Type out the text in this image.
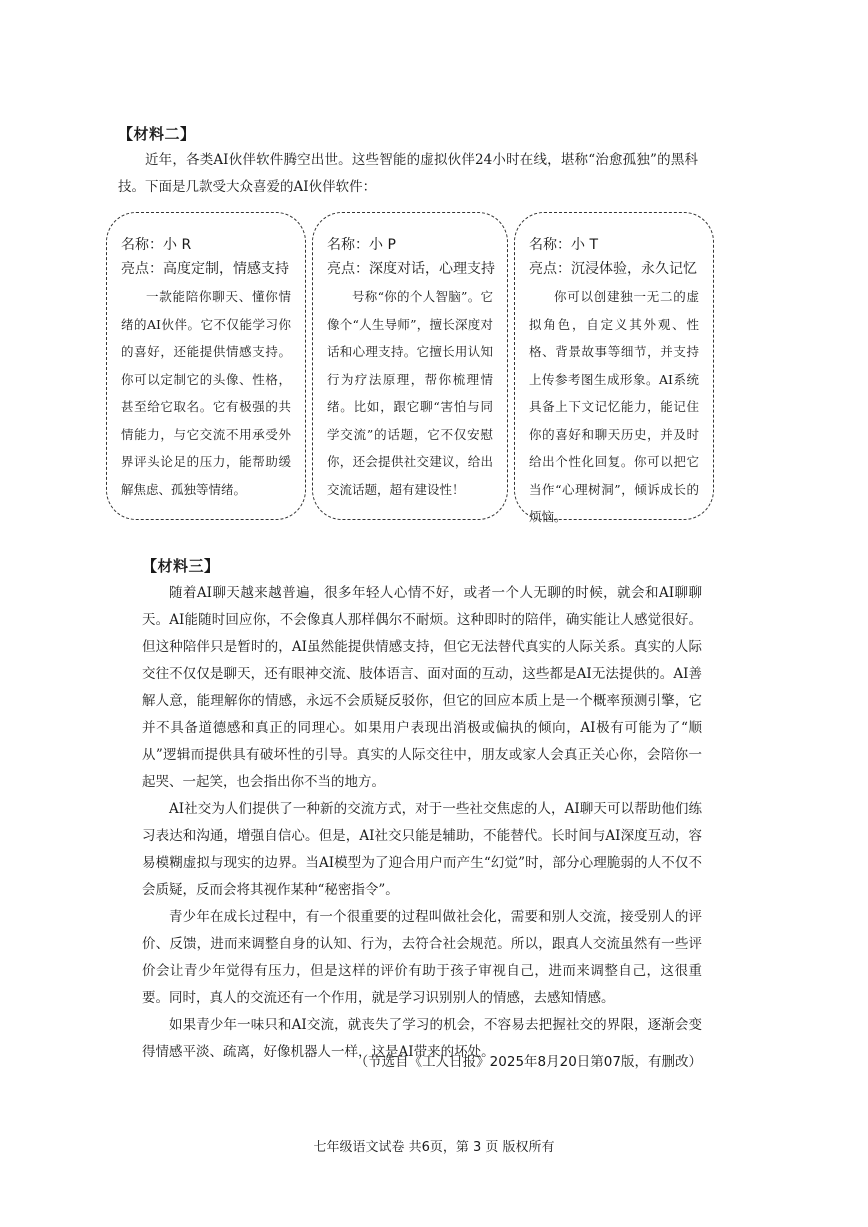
【材料二】
近年，各类AI伙伴软件腾空出世。这些智能的虚拟伙伴24小时在线，堪称“治愈孤独”的黑科技。下面是几款受大众喜爱的AI伙伴软件：
名称：小 R
亮点：高度定制，情感支持
一款能陪你聊天、懂你情绪的AI伙伴。它不仅能学习你的喜好，还能提供情感支持。你可以定制它的头像、性格，甚至给它取名。它有极强的共情能力，与它交流不用承受外界评头论足的压力，能帮助缓解焦虑、孤独等情绪。
名称：小 P
亮点：深度对话，心理支持
号称“你的个人智脑”。它像个“人生导师”，擅长深度对话和心理支持。它擅长用认知行为疗法原理，帮你梳理情绪。比如，跟它聊“害怕与同学交流”的话题，它不仅安慰你，还会提供社交建议，给出交流话题，超有建设性！
名称：小 T
亮点：沉浸体验，永久记忆
你可以创建独一无二的虚拟角色，自定义其外观、性格、背景故事等细节，并支持上传参考图生成形象。AI系统具备上下文记忆能力，能记住你的喜好和聊天历史，并及时给出个性化回复。你可以把它当作“心理树洞”，倾诉成长的烦恼。
【材料三】
随着AI聊天越来越普遍，很多年轻人心情不好，或者一个人无聊的时候，就会和AI聊聊天。AI能随时回应你，不会像真人那样偶尔不耐烦。这种即时的陪伴，确实能让人感觉很好。但这种陪伴只是暂时的，AI虽然能提供情感支持，但它无法替代真实的人际关系。真实的人际交往不仅仅是聊天，还有眼神交流、肢体语言、面对面的互动，这些都是AI无法提供的。AI善解人意，能理解你的情感，永远不会质疑反驳你，但它的回应本质上是一个概率预测引擎，它并不具备道德感和真正的同理心。如果用户表现出消极或偏执的倾向，AI极有可能为了“顺从”逻辑而提供具有破坏性的引导。真实的人际交往中，朋友或家人会真正关心你，会陪你一起哭、一起笑，也会指出你不当的地方。
AI社交为人们提供了一种新的交流方式，对于一些社交焦虑的人，AI聊天可以帮助他们练习表达和沟通，增强自信心。但是，AI社交只能是辅助，不能替代。长时间与AI深度互动，容易模糊虚拟与现实的边界。当AI模型为了迎合用户而产生“幻觉”时，部分心理脆弱的人不仅不会质疑，反而会将其视作某种“秘密指令”。
青少年在成长过程中，有一个很重要的过程叫做社会化，需要和别人交流，接受别人的评价、反馈，进而来调整自身的认知、行为，去符合社会规范。所以，跟真人交流虽然有一些评价会让青少年觉得有压力，但是这样的评价有助于孩子审视自己，进而来调整自己，这很重要。同时，真人的交流还有一个作用，就是学习识别别人的情感，去感知情感。
如果青少年一味只和AI交流，就丧失了学习的机会，不容易去把握社交的界限，逐渐会变得情感平淡、疏离，好像机器人一样，这是AI带来的坏处。
（节选自《工人日报》2025年8月20日第07版，有删改）
七年级语文试卷 共6页，第 3 页 版权所有
